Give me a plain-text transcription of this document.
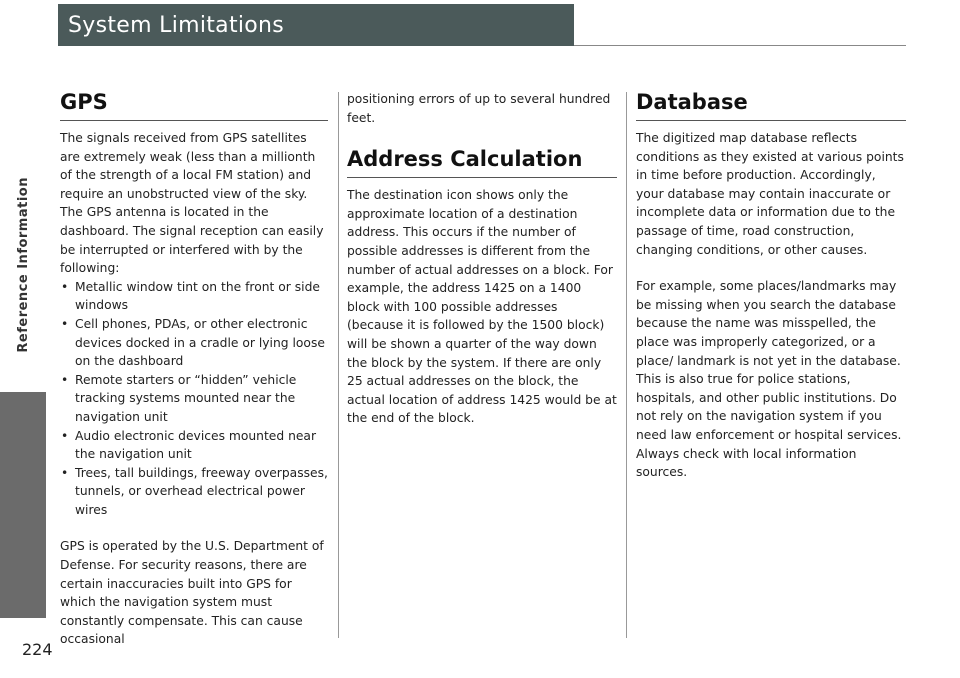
Reference Information
System Limitations
GPS

The signals received from GPS satellites are extremely weak (less than a millionth of the strength of a local FM station) and require an unobstructed view of the sky. The GPS antenna is located in the dashboard. The signal reception can easily be interrupted or interfered with by the following:

• Metallic window tint on the front or side windows
• Cell phones, PDAs, or other electronic devices docked in a cradle or lying loose on the dashboard
• Remote starters or “hidden” vehicle tracking systems mounted near the navigation unit
• Audio electronic devices mounted near the navigation unit
• Trees, tall buildings, freeway overpasses, tunnels, or overhead electrical power wires

GPS is operated by the U.S. Department of Defense. For security reasons, there are certain inaccuracies built into GPS for which the navigation system must constantly compensate. This can cause occasional

positioning errors of up to several hundred feet.

Address Calculation

The destination icon shows only the approximate location of a destination address. This occurs if the number of possible addresses is different from the number of actual addresses on a block. For example, the address 1425 on a 1400 block with 100 possible addresses (because it is followed by the 1500 block) will be shown a quarter of the way down the block by the system. If there are only 25 actual addresses on the block, the actual location of address 1425 would be at the end of the block.

Database

The digitized map database reflects conditions as they existed at various points in time before production. Accordingly, your database may contain inaccurate or incomplete data or information due to the passage of time, road construction, changing conditions, or other causes.

For example, some places/landmarks may be missing when you search the database because the name was misspelled, the place was improperly categorized, or a place/ landmark is not yet in the database. This is also true for police stations, hospitals, and other public institutions. Do not rely on the navigation system if you need law enforcement or hospital services. Always check with local information sources.

224
